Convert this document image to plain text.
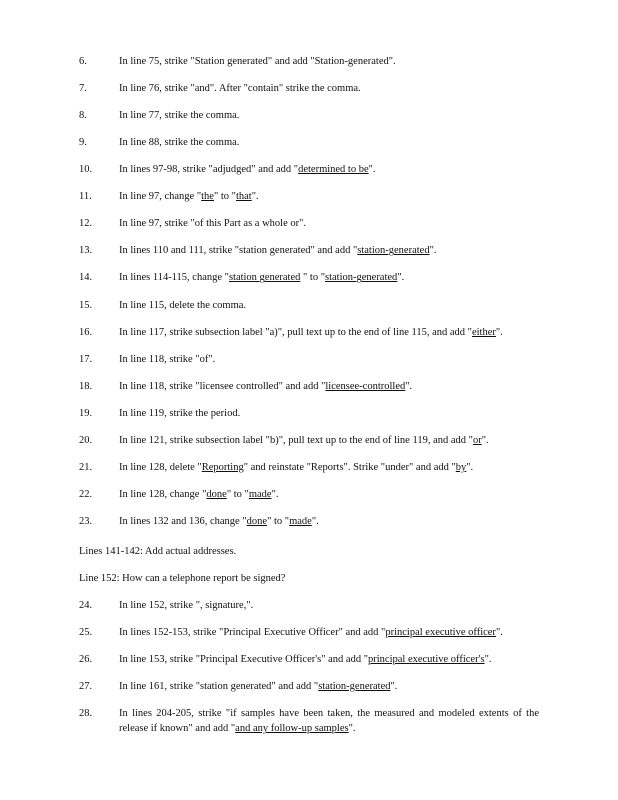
6.	In line 75, strike "Station generated" and add "Station-generated".
7.	In line 76, strike "and". After "contain" strike the comma.
8.	In line 77, strike the comma.
9.	In line 88, strike the comma.
10.	In lines 97-98, strike "adjudged" and add "determined to be".
11.	In line 97, change "the" to "that".
12.	In line 97, strike "of this Part as a whole or".
13.	In lines 110 and 111, strike "station generated" and add "station-generated".
14.	In lines 114-115, change "station generated " to "station-generated".
15.	In line 115, delete the comma.
16.	In line 117, strike subsection label "a)", pull text up to the end of line 115, and add "either".
17.	In line 118, strike "of".
18.	In line 118, strike "licensee controlled" and add "licensee-controlled".
19.	In line 119, strike the period.
20.	In line 121, strike subsection label "b)", pull text up to the end of line 119, and add "or".
21.	In line 128, delete "Reporting" and reinstate "Reports". Strike "under" and add "by".
22.	In line 128, change "done" to "made".
23.	In lines 132 and 136, change "done" to "made".
Lines 141-142: Add actual addresses.
Line 152: How can a telephone report be signed?
24.	In line 152, strike ", signature,".
25.	In lines 152-153, strike "Principal Executive Officer" and add "principal executive officer".
26.	In line 153, strike "Principal Executive Officer's" and add "principal executive officer's".
27.	In line 161, strike "station generated" and add "station-generated".
28.	In lines 204-205, strike "if samples have been taken, the measured and modeled extents of the release if known" and add "and any follow-up samples".
